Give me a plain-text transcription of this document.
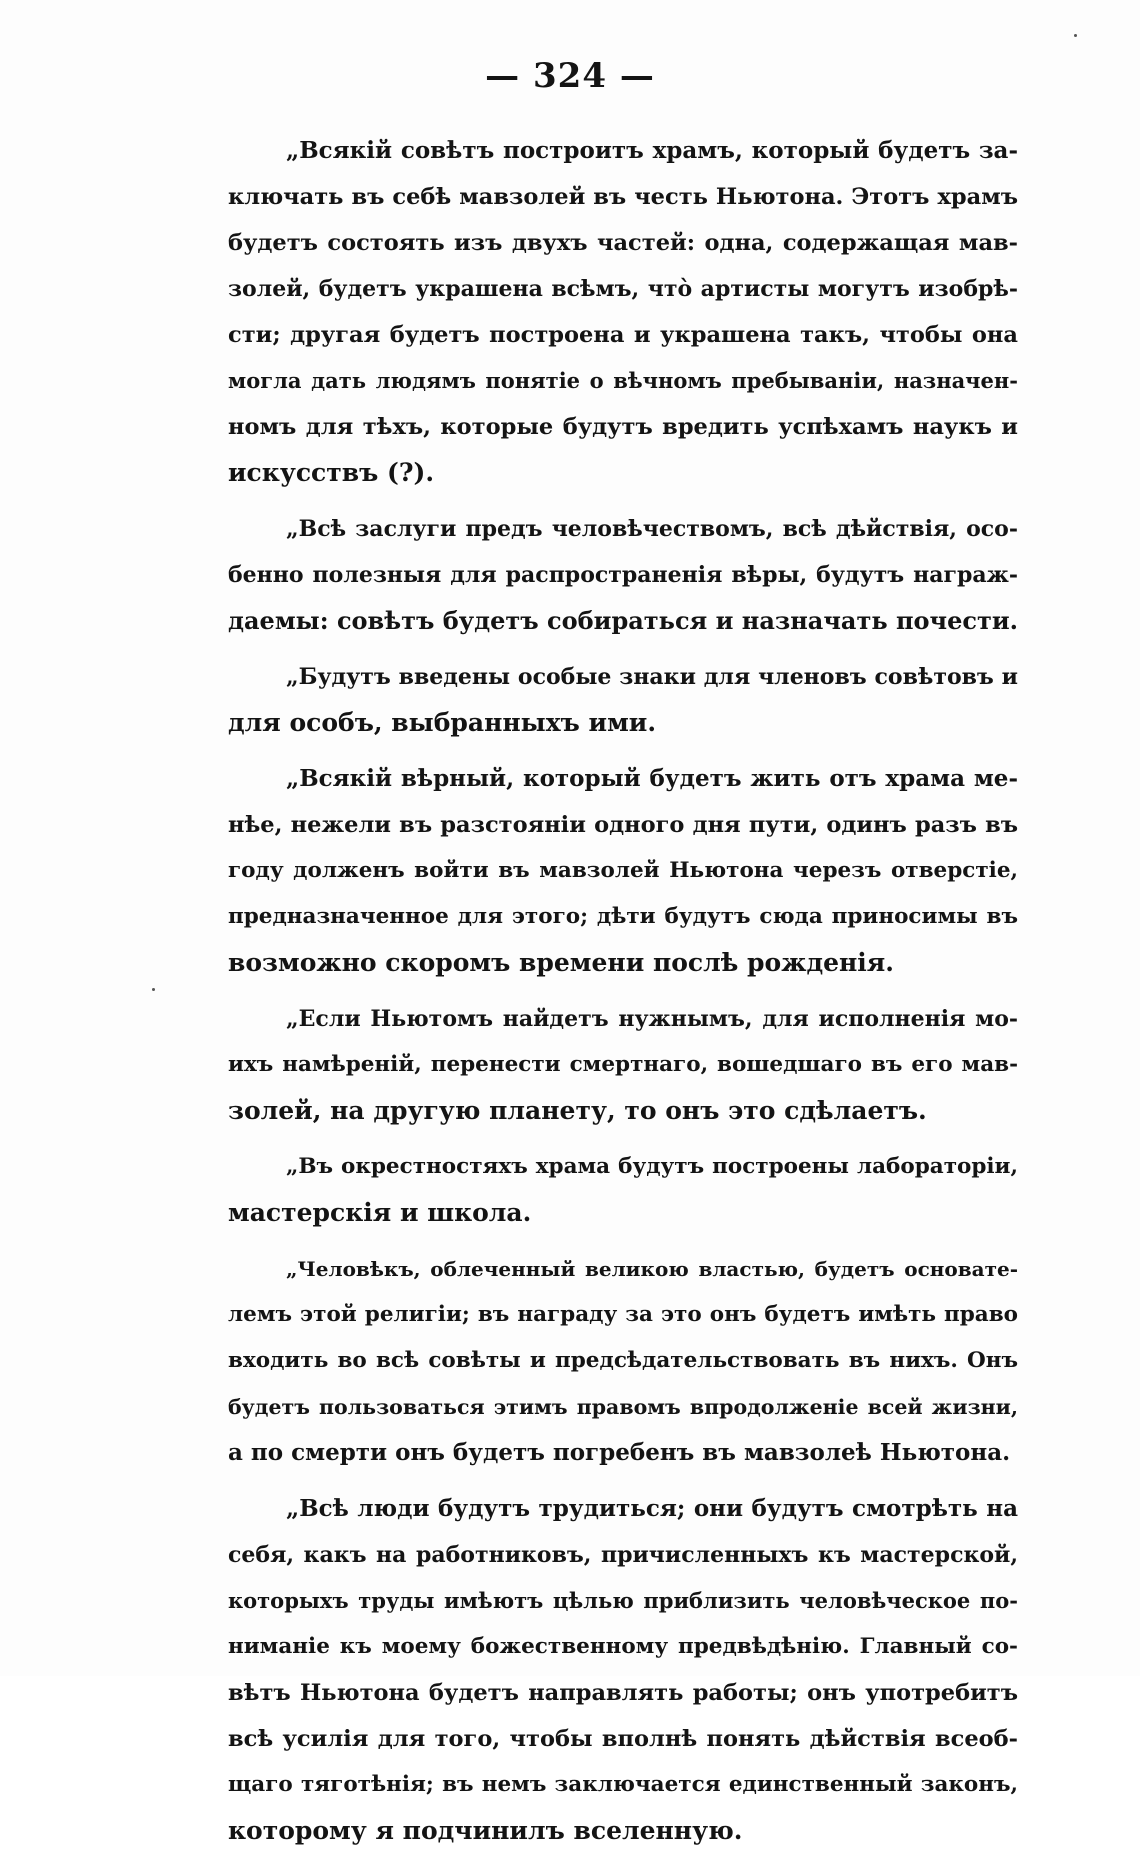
— 324 —
„Всякій совѣтъ построитъ храмъ, который будетъ за-
ключать въ себѣ мавзолей въ честь Ньютона. Этотъ храмъ
будетъ состоять изъ двухъ частей: одна, содержащая мав-
золей, будетъ украшена всѣмъ, что̀ артисты могутъ изобрѣ-
сти; другая будетъ построена и украшена такъ, чтобы она
могла дать людямъ понятіе о вѣчномъ пребываніи, назначен-
номъ для тѣхъ, которые будутъ вредить успѣхамъ наукъ и
искусствъ (?).
„Всѣ заслуги предъ человѣчествомъ, всѣ дѣйствія, осо-
бенно полезныя для распространенія вѣры, будутъ награж-
даемы: совѣтъ будетъ собираться и назначать почести.
„Будутъ введены особые знаки для членовъ совѣтовъ и
для особъ, выбранныхъ ими.
„Всякій вѣрный, который будетъ жить отъ храма ме-
нѣе, нежели въ разстояніи одного дня пути, одинъ разъ въ
году долженъ войти въ мавзолей Ньютона черезъ отверстіе,
предназначенное для этого; дѣти будутъ сюда приносимы въ
возможно скоромъ времени послѣ рожденія.
„Если Ньютомъ найдетъ нужнымъ, для исполненія мо-
ихъ намѣреній, перенести смертнаго, вошедшаго въ его мав-
золей, на другую планету, то онъ это сдѣлаетъ.
„Въ окрестностяхъ храма будутъ построены лабораторіи,
мастерскія и школа.
„Человѣкъ, облеченный великою властью, будетъ основате-
лемъ этой религіи; въ награду за это онъ будетъ имѣть право
входить во всѣ совѣты и предсѣдательствовать въ нихъ. Онъ
будетъ пользоваться этимъ правомъ впродолженіе всей жизни,
а по смерти онъ будетъ погребенъ въ мавзолеѣ Ньютона.
„Всѣ люди будутъ трудиться; они будутъ смотрѣть на
себя, какъ на работниковъ, причисленныхъ къ мастерской,
которыхъ труды имѣютъ цѣлью приблизить человѣческое по-
ниманіе къ моему божественному предвѣдѣнію. Главный со-
вѣтъ Ньютона будетъ направлять работы; онъ употребитъ
всѣ усилія для того, чтобы вполнѣ понять дѣйствія всеоб-
щаго тяготѣнія; въ немъ заключается единственный законъ,
которому я подчинилъ вселенную.
